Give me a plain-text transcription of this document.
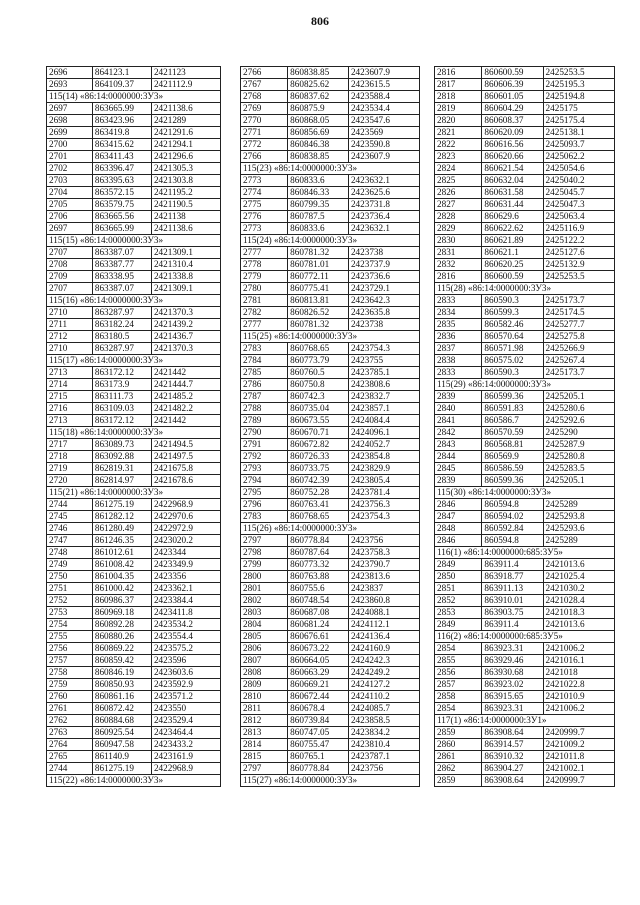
806
2696	864123.1	2421123
2693	864109.37	2421112.9
115(14) «86:14:0000000:3У3»		
2697	863665.99	2421138.6
2698	863423.96	2421289
2699	863419.8	2421291.6
2700	863415.62	2421294.1
2701	863411.43	2421296.6
2702	863396.47	2421305.3
2703	863395.63	2421303.8
2704	863572.15	2421195.2
2705	863579.75	2421190.5
2706	863665.56	2421138
2697	863665.99	2421138.6
115(15) «86:14:0000000:3У3»		
2707	863387.07	2421309.1
2708	863387.77	2421310.4
2709	863338.95	2421338.8
2707	863387.07	2421309.1
115(16) «86:14:0000000:3У3»		
2710	863287.97	2421370.3
2711	863182.24	2421439.2
2712	863180.5	2421436.7
2710	863287.97	2421370.3
115(17) «86:14:0000000:3У3»		
2713	863172.12	2421442
2714	863173.9	2421444.7
2715	863111.73	2421485.2
2716	863109.03	2421482.2
2713	863172.12	2421442
115(18) «86:14:0000000:3У3»		
2717	863089.73	2421494.5
2718	863092.88	2421497.5
2719	862819.31	2421675.8
2720	862814.97	2421678.6
115(21) «86:14:0000000:3У3»		
2744	861275.19	2422968.9
2745	861282.12	2422970.6
2746	861280.49	2422972.9
2747	861246.35	2423020.2
2748	861012.61	2423344
2749	861008.42	2423349.9
2750	861004.35	2423356
2751	861000.42	2423362.1
2752	860986.37	2423384.4
2753	860969.18	2423411.8
2754	860892.28	2423534.2
2755	860880.26	2423554.4
2756	860869.22	2423575.2
2757	860859.42	2423596
2758	860846.19	2423603.6
2759	860850.93	2423592.9
2760	860861.16	2423571.2
2761	860872.42	2423550
2762	860884.68	2423529.4
2763	860925.54	2423464.4
2764	860947.58	2423433.2
2765	861140.9	2423161.9
2744	861275.19	2422968.9
115(22) «86:14:0000000:3У3»		
2766	860838.85	2423607.9
2767	860825.62	2423615.5
2768	860837.62	2423588.4
2769	860875.9	2423534.4
2770	860868.05	2423547.6
2771	860856.69	2423569
2772	860846.38	2423590.8
2766	860838.85	2423607.9
115(23) «86:14:0000000:3У3»		
2773	860833.6	2423632.1
2774	860846.33	2423625.6
2775	860799.35	2423731.8
2776	860787.5	2423736.4
2773	860833.6	2423632.1
115(24) «86:14:0000000:3У3»		
2777	860781.32	2423738
2778	860781.01	2423737.9
2779	860772.11	2423736.6
2780	860775.41	2423729.1
2781	860813.81	2423642.3
2782	860826.52	2423635.8
2777	860781.32	2423738
115(25) «86:14:0000000:3У3»		
2783	860768.65	2423754.3
2784	860773.79	2423755
2785	860760.5	2423785.1
2786	860750.8	2423808.6
2787	860742.3	2423832.7
2788	860735.04	2423857.1
2789	860673.55	2424084.4
2790	860670.71	2424096.1
2791	860672.82	2424052.7
2792	860726.33	2423854.8
2793	860733.75	2423829.9
2794	860742.39	2423805.4
2795	860752.28	2423781.4
2796	860763.41	2423756.3
2783	860768.65	2423754.3
115(26) «86:14:0000000:3У3»		
2797	860778.84	2423756
2798	860787.64	2423758.3
2799	860773.32	2423790.7
2800	860763.88	2423813.6
2801	860755.6	2423837
2802	860748.54	2423860.8
2803	860687.08	2424088.1
2804	860681.24	2424112.1
2805	860676.61	2424136.4
2806	860673.22	2424160.9
2807	860664.05	2424242.3
2808	860663.29	2424249.2
2809	860669.21	2424127.2
2810	860672.44	2424110.2
2811	860678.4	2424085.7
2812	860739.84	2423858.5
2813	860747.05	2423834.2
2814	860755.47	2423810.4
2815	860765.1	2423787.1
2797	860778.84	2423756
115(27) «86:14:0000000:3У3»		
2816	860600.59	2425253.5
2817	860606.39	2425195.3
2818	860601.05	2425194.8
2819	860604.29	2425175
2820	860608.37	2425175.4
2821	860620.09	2425138.1
2822	860616.56	2425093.7
2823	860620.66	2425062.2
2824	860621.54	2425054.6
2825	860632.04	2425040.2
2826	860631.58	2425045.7
2827	860631.44	2425047.3
2828	860629.6	2425063.4
2829	860622.62	2425116.9
2830	860621.89	2425122.2
2831	860621.1	2425127.6
2832	860620.25	2425132.9
2816	860600.59	2425253.5
115(28) «86:14:0000000:3У3»		
2833	860590.3	2425173.7
2834	860599.3	2425174.5
2835	860582.46	2425277.7
2836	860570.64	2425275.8
2837	860571.98	2425266.9
2838	860575.02	2425267.4
2833	860590.3	2425173.7
115(29) «86:14:0000000:3У3»		
2839	860599.36	2425205.1
2840	860591.83	2425280.6
2841	860586.7	2425292.6
2842	860570.59	2425290
2843	860568.81	2425287.9
2844	860569.9	2425280.8
2845	860586.59	2425283.5
2839	860599.36	2425205.1
115(30) «86:14:0000000:3У3»		
2846	860594.8	2425289
2847	860594.02	2425293.8
2848	860592.84	2425293.6
2846	860594.8	2425289
116(1) «86:14:0000000:685:3У5»		
2849	863911.4	2421013.6
2850	863918.77	2421025.4
2851	863911.13	2421030.2
2852	863910.01	2421028.4
2853	863903.75	2421018.3
2849	863911.4	2421013.6
116(2) «86:14:0000000:685:3У5»		
2854	863923.31	2421006.2
2855	863929.46	2421016.1
2856	863930.68	2421018
2857	863923.02	2421022.8
2858	863915.65	2421010.9
2854	863923.31	2421006.2
117(1) «86:14:0000000:3У1»		
2859	863908.64	2420999.7
2860	863914.57	2421009.2
2861	863910.32	2421011.8
2862	863904.27	2421002.1
2859	863908.64	2420999.7
